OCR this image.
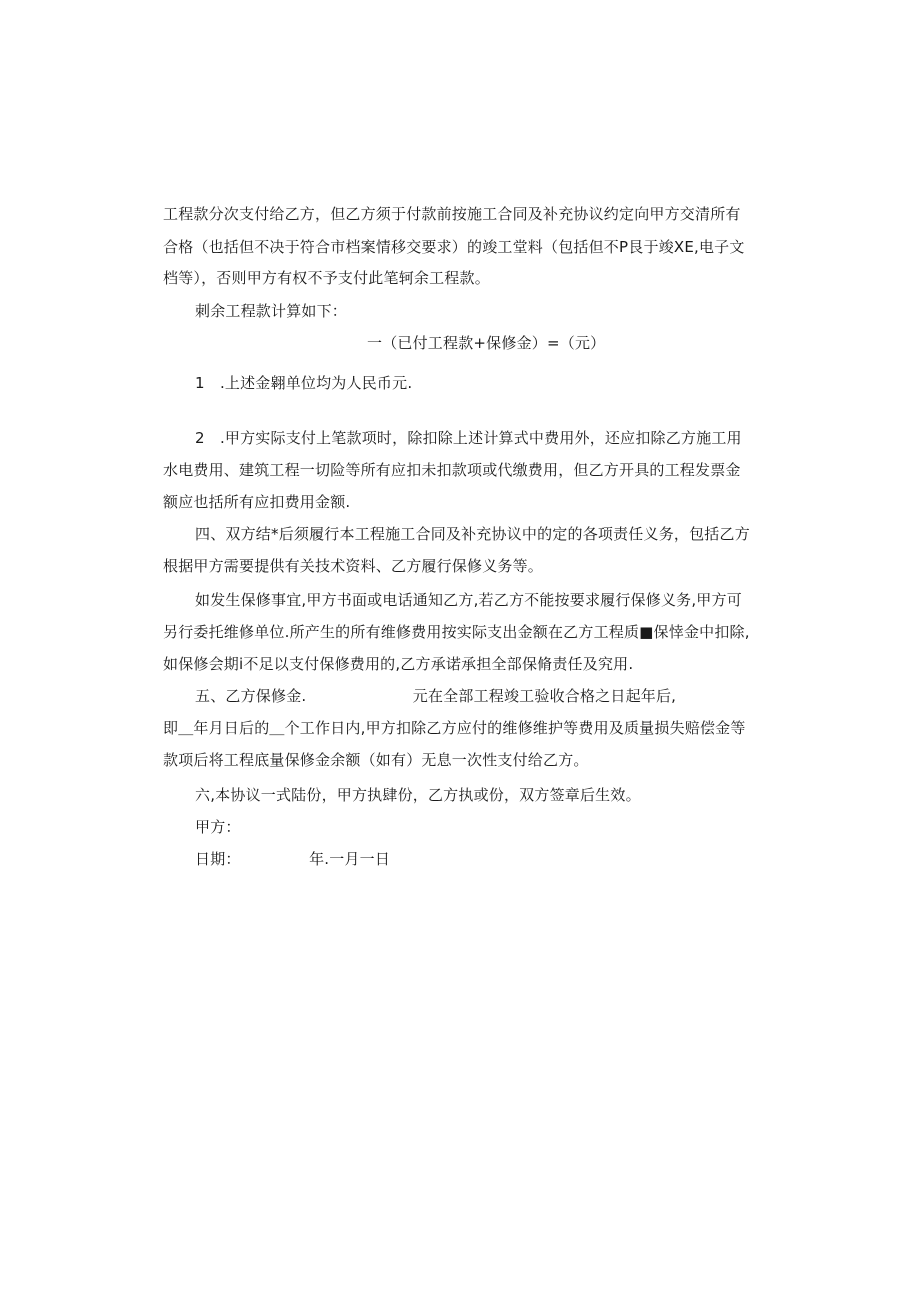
工程款分次支付给乙方，但乙方须于付款前按施工合同及补充协议约定向甲方交清所有
合格（也括但不决于符合市档案情移交要求）的竣工堂料（包括但不P艮于竣XE,电子文
档等），否则甲方有权不予支付此笔轲余工程款。
刺余工程款计算如下：
一（已付工程款+保修金）=（元）
1　.上述金翱单位均为人民币元.
2　.甲方实际支付上笔款项时，除扣除上述计算式中费用外，还应扣除乙方施工用
水电费用、建筑工程一切险等所有应扣未扣款项或代缴费用，但乙方开具的工程发票金
额应也括所有应扣费用金额.
四、双方结*后须履行本工程施工合同及补充协议中的定的各项责任义务，包括乙方
根据甲方需要提供有关技术资料、乙方履行保修义务等。
如发生保修事宜,甲方书面或电话通知乙方,若乙方不能按要求履行保修义务,甲方可
另行委托维修单位.所产生的所有维修费用按实际支出金额在乙方工程质■保悻金中扣除,
如保修会期i不足以支付保修费用的,乙方承诺承担全部保脩责任及究用.
五、乙方保修金.　　　　　　　元在全部工程竣工验收合格之日起年后,
即＿年月日后的＿个工作日内,甲方扣除乙方应付的维修维护等费用及质量损失赔偿金等
款项后将工程底量保修金余额（如有）无息一次性支付给乙方。
六,本协议一式陆份，甲方执肆份，乙方执或份，双方签章后生效。
甲方：
日期：　　　　　年.一月一日
